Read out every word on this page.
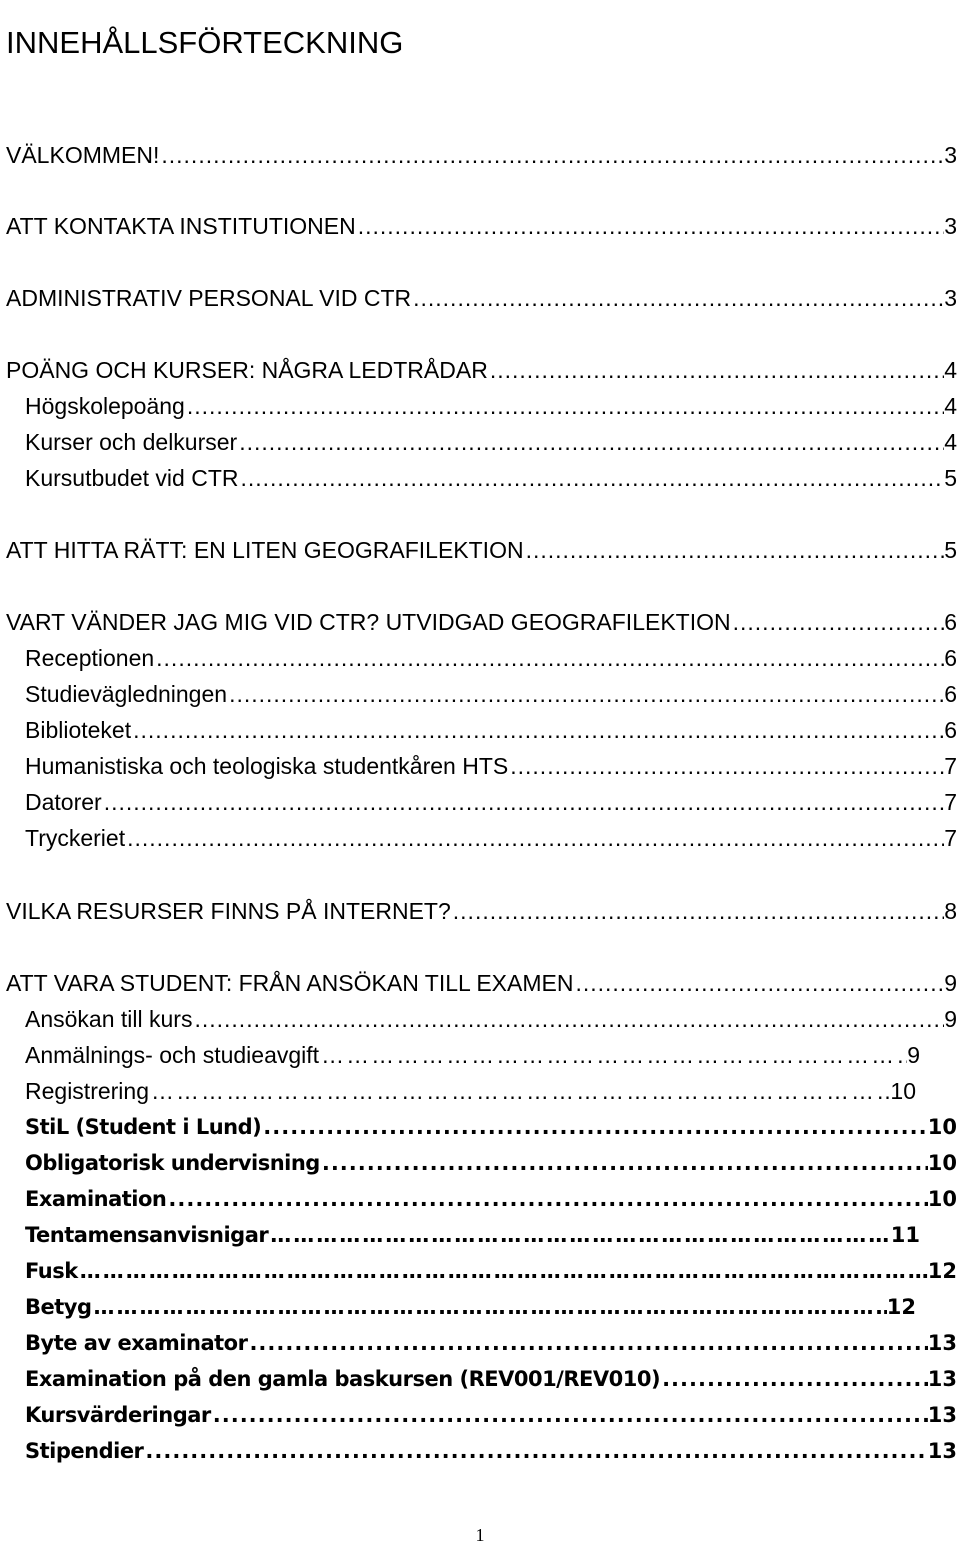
INNEHÅLLSFÖRTECKNING
VÄLKOMMEN! .....	3
ATT KONTAKTA INSTITUTIONEN .....	3
ADMINISTRATIV PERSONAL VID CTR .....	3
POÄNG OCH KURSER: NÅGRA LEDTRÅDAR .....	4
Högskolepoäng .....	4
Kurser och delkurser .....	4
Kursutbudet vid CTR .....	5
ATT HITTA RÄTT: EN LITEN GEOGRAFILEKTION .....	5
VART VÄNDER JAG MIG VID CTR? UTVIDGAD GEOGRAFILEKTION .....	6
Receptionen .....	6
Studievägledningen .....	6
Biblioteket .....	6
Humanistiska och teologiska studentkåren HTS .....	7
Datorer .....	7
Tryckeriet .....	7
VILKA RESURSER FINNS PÅ INTERNET? .....	8
ATT VARA STUDENT: FRÅN ANSÖKAN TILL EXAMEN .....	9
Ansökan till kurs .....	9
Anmälnings- och studieavgift ………………………………………………………………………………………………………………………………………………	9
Registrering ………………………………………………………………………………………………………………………………………………	10
StiL (Student i Lund) .....	10
Obligatorisk undervisning .....	10
Examination .....	10
Tentamensanvisnigar ………………………………………………………………………………………………………………………………………………	11
Fusk ………………………………………………………………………………………………………………………………………………	12
Betyg ………………………………………………………………………………………………………………………………………………	12
Byte av examinator .....	13
Examination på den gamla baskursen (REV001/REV010) .....	13
Kursvärderingar .....	13
Stipendier .....	13
1
